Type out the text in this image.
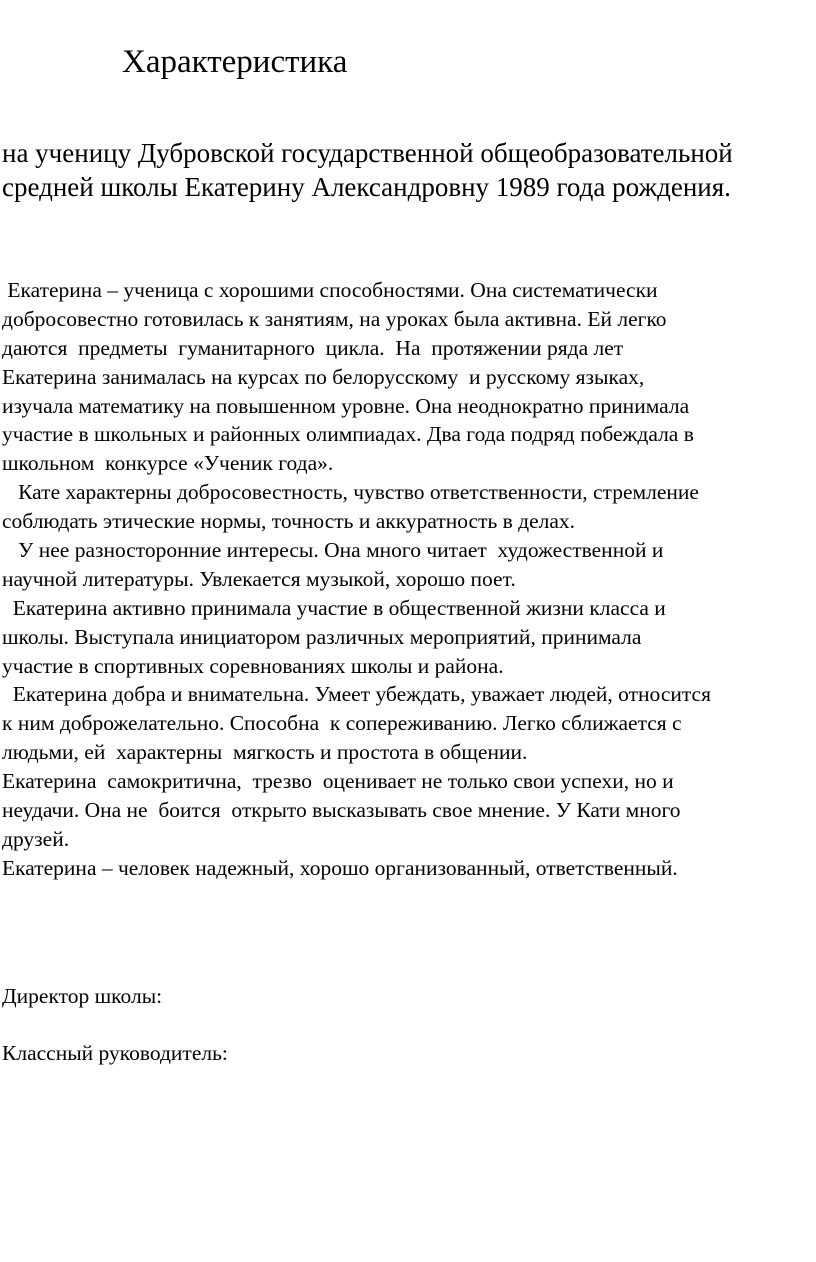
Характеристика
на ученицу Дубровской государственной общеобразовательной
средней школы Екатерину Александровну 1989 года рождения.
Екатерина – ученица с хорошими способностями. Она систематически
добросовестно готовилась к занятиям, на уроках была активна. Ей легко
даются  предметы  гуманитарного  цикла.  На  протяжении ряда лет
Екатерина занималась на курсах по белорусскому  и русскому языках,
изучала математику на повышенном уровне. Она неоднократно принимала
участие в школьных и районных олимпиадах. Два года подряд побеждала в
школьном  конкурсе «Ученик года».
Кате характерны добросовестность, чувство ответственности, стремление
соблюдать этические нормы, точность и аккуратность в делах.
У нее разносторонние интересы. Она много читает  художественной и
научной литературы. Увлекается музыкой, хорошо поет.
Екатерина активно принимала участие в общественной жизни класса и
школы. Выступала инициатором различных мероприятий, принимала
участие в спортивных соревнованиях школы и района.
Екатерина добра и внимательна. Умеет убеждать, уважает людей, относится
к ним доброжелательно. Способна  к сопереживанию. Легко сближается с
людьми, ей  характерны  мягкость и простота в общении.
Екатерина  самокритична,  трезво  оценивает не только свои успехи, но и
неудачи. Она не  боится  открыто высказывать свое мнение. У Кати много
друзей.
Екатерина – человек надежный, хорошо организованный, ответственный.
Директор школы:
Классный руководитель:
